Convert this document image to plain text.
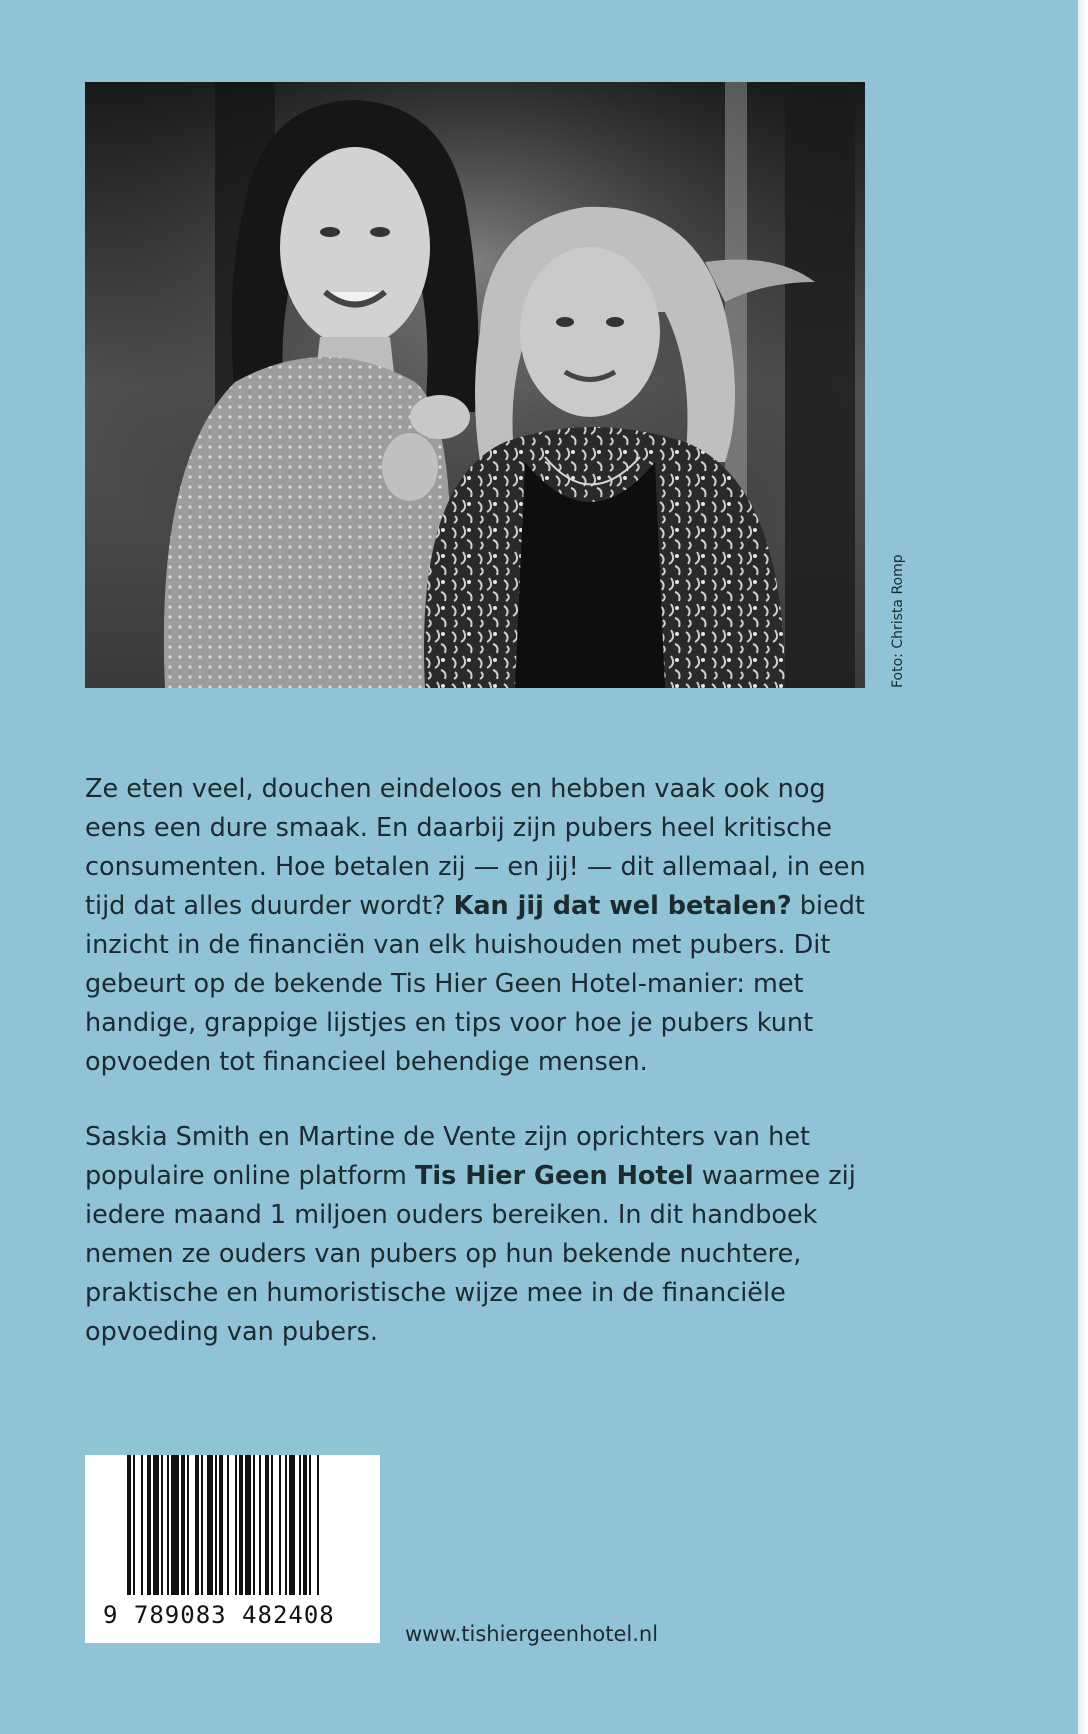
Foto: Christa Romp

Ze eten veel, douchen eindeloos en hebben vaak ook nog eens een dure smaak. En daarbij zijn pubers heel kritische consumenten. Hoe betalen zij — en jij! — dit allemaal, in een tijd dat alles duurder wordt? Kan jij dat wel betalen? biedt inzicht in de financiën van elk huishouden met pubers. Dit gebeurt op de bekende Tis Hier Geen Hotel-manier: met handige, grappige lijstjes en tips voor hoe je pubers kunt opvoeden tot financieel behendige mensen.

Saskia Smith en Martine de Vente zijn oprichters van het populaire online platform Tis Hier Geen Hotel waarmee zij iedere maand 1 miljoen ouders bereiken. In dit handboek nemen ze ouders van pubers op hun bekende nuchtere, praktische en humoristische wijze mee in de financiële opvoeding van pubers.

9 789083 482408
www.tishiergeenhotel.nl
